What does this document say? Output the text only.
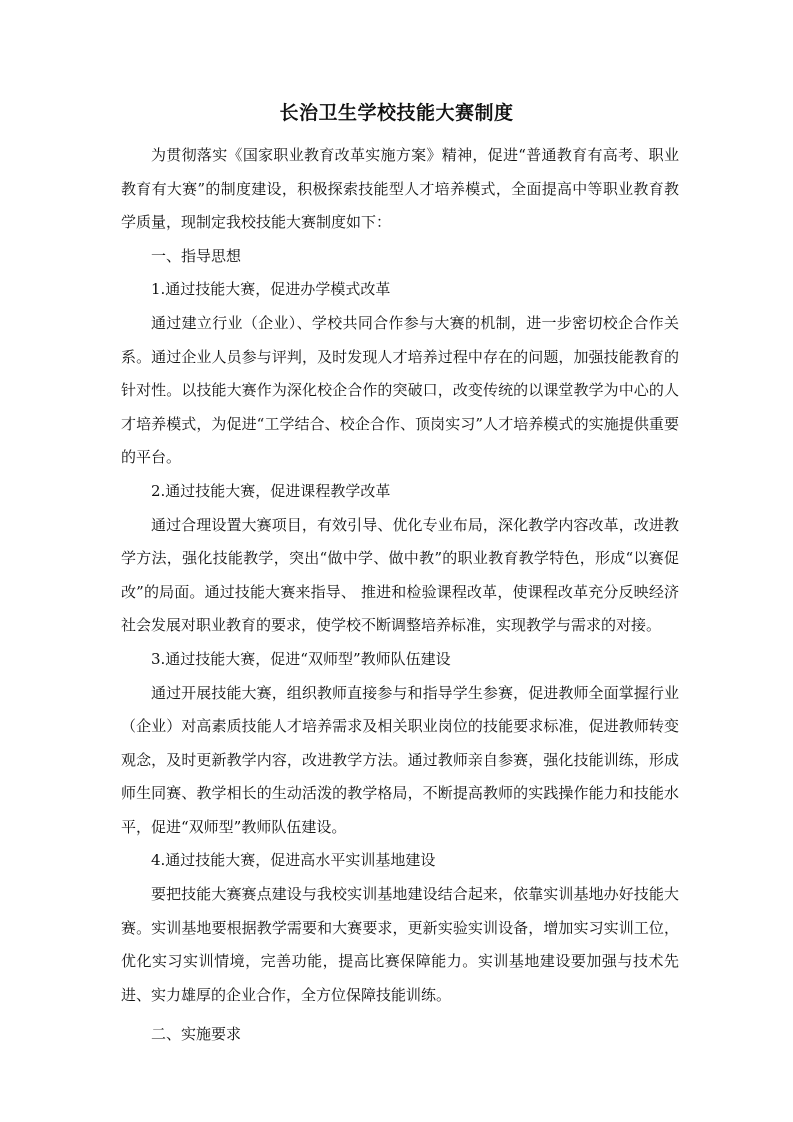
长治卫生学校技能大赛制度

为贯彻落实《国家职业教育改革实施方案》精神，促进“普通教育有高考、职业教育有大赛”的制度建设，积极探索技能型人才培养模式，全面提高中等职业教育教学质量，现制定我校技能大赛制度如下：

一、指导思想

1.通过技能大赛，促进办学模式改革

通过建立行业（企业）、学校共同合作参与大赛的机制，进一步密切校企合作关系。通过企业人员参与评判，及时发现人才培养过程中存在的问题，加强技能教育的针对性。以技能大赛作为深化校企合作的突破口，改变传统的以课堂教学为中心的人才培养模式，为促进“工学结合、校企合作、顶岗实习”人才培养模式的实施提供重要的平台。

2.通过技能大赛，促进课程教学改革

通过合理设置大赛项目，有效引导、优化专业布局，深化教学内容改革，改进教学方法，强化技能教学，突出“做中学、做中教”的职业教育教学特色，形成“以赛促改”的局面。通过技能大赛来指导、 推进和检验课程改革，使课程改革充分反映经济社会发展对职业教育的要求，使学校不断调整培养标准，实现教学与需求的对接。

3.通过技能大赛，促进“双师型”教师队伍建设

通过开展技能大赛，组织教师直接参与和指导学生参赛，促进教师全面掌握行业（企业）对高素质技能人才培养需求及相关职业岗位的技能要求标准，促进教师转变观念，及时更新教学内容，改进教学方法。通过教师亲自参赛，强化技能训练，形成师生同赛、教学相长的生动活泼的教学格局，不断提高教师的实践操作能力和技能水平，促进“双师型”教师队伍建设。

4.通过技能大赛，促进高水平实训基地建设

要把技能大赛赛点建设与我校实训基地建设结合起来，依靠实训基地办好技能大赛。实训基地要根据教学需要和大赛要求，更新实验实训设备，增加实习实训工位，优化实习实训情境，完善功能，提高比赛保障能力。实训基地建设要加强与技术先进、实力雄厚的企业合作，全方位保障技能训练。

二、实施要求
